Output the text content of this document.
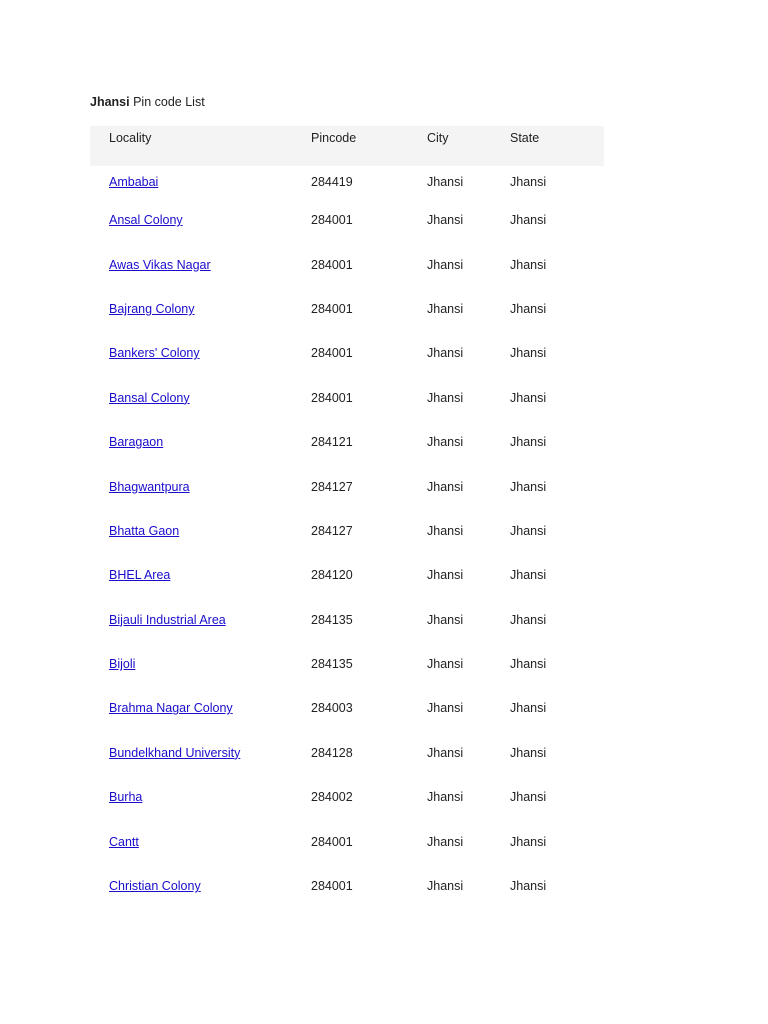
Jhansi Pin code List
Locality	Pincode	City	State
Ambabai	284419	Jhansi	Jhansi
Ansal Colony	284001	Jhansi	Jhansi
Awas Vikas Nagar	284001	Jhansi	Jhansi
Bajrang Colony	284001	Jhansi	Jhansi
Bankers' Colony	284001	Jhansi	Jhansi
Bansal Colony	284001	Jhansi	Jhansi
Baragaon	284121	Jhansi	Jhansi
Bhagwantpura	284127	Jhansi	Jhansi
Bhatta Gaon	284127	Jhansi	Jhansi
BHEL Area	284120	Jhansi	Jhansi
Bijauli Industrial Area	284135	Jhansi	Jhansi
Bijoli	284135	Jhansi	Jhansi
Brahma Nagar Colony	284003	Jhansi	Jhansi
Bundelkhand University	284128	Jhansi	Jhansi
Burha	284002	Jhansi	Jhansi
Cantt	284001	Jhansi	Jhansi
Christian Colony	284001	Jhansi	Jhansi
